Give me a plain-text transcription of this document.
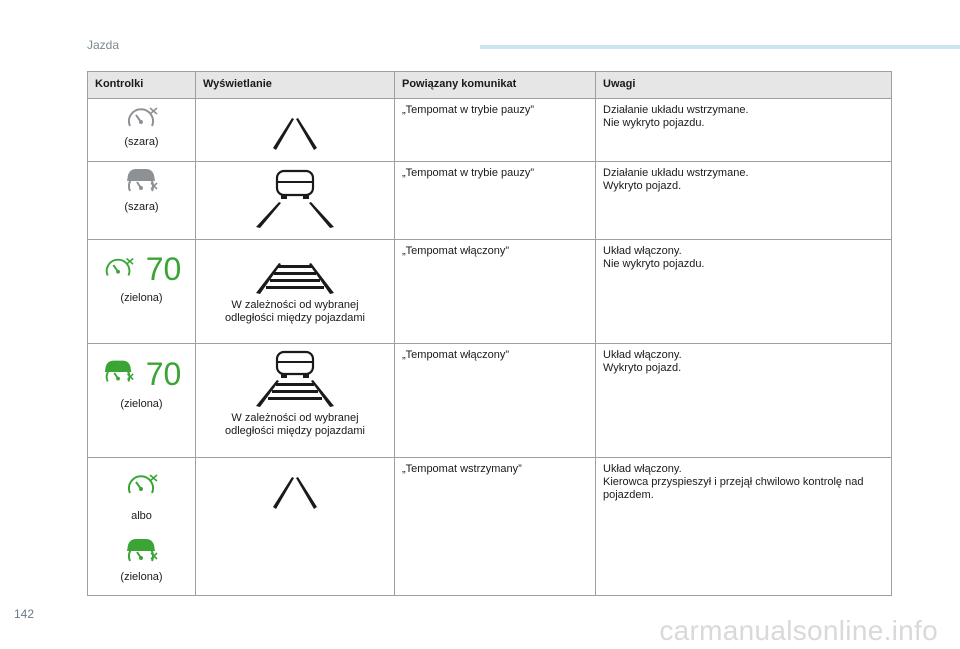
Jazda
Kontrolki	Wyświetlanie	Powiązany komunikat	Uwagi

(szara)		„Tempomat w trybie pauzy”	Działanie układu wstrzymane.
Nie wykryto pojazdu.

(szara)		„Tempomat w trybie pauzy”	Działanie układu wstrzymane.
Wykryto pojazd.

70
(zielona)	W zależności od wybranej
odległości między pojazdami	„Tempomat włączony”	Układ włączony.
Nie wykryto pojazdu.

70
(zielona)	W zależności od wybranej
odległości między pojazdami	„Tempomat włączony”	Układ włączony.
Wykryto pojazd.

albo
(zielona)		„Tempomat wstrzymany”	Układ włączony.
Kierowca przyspieszył i przejął chwilowo kontrolę nad pojazdem.
142
carmanualsonline.info
